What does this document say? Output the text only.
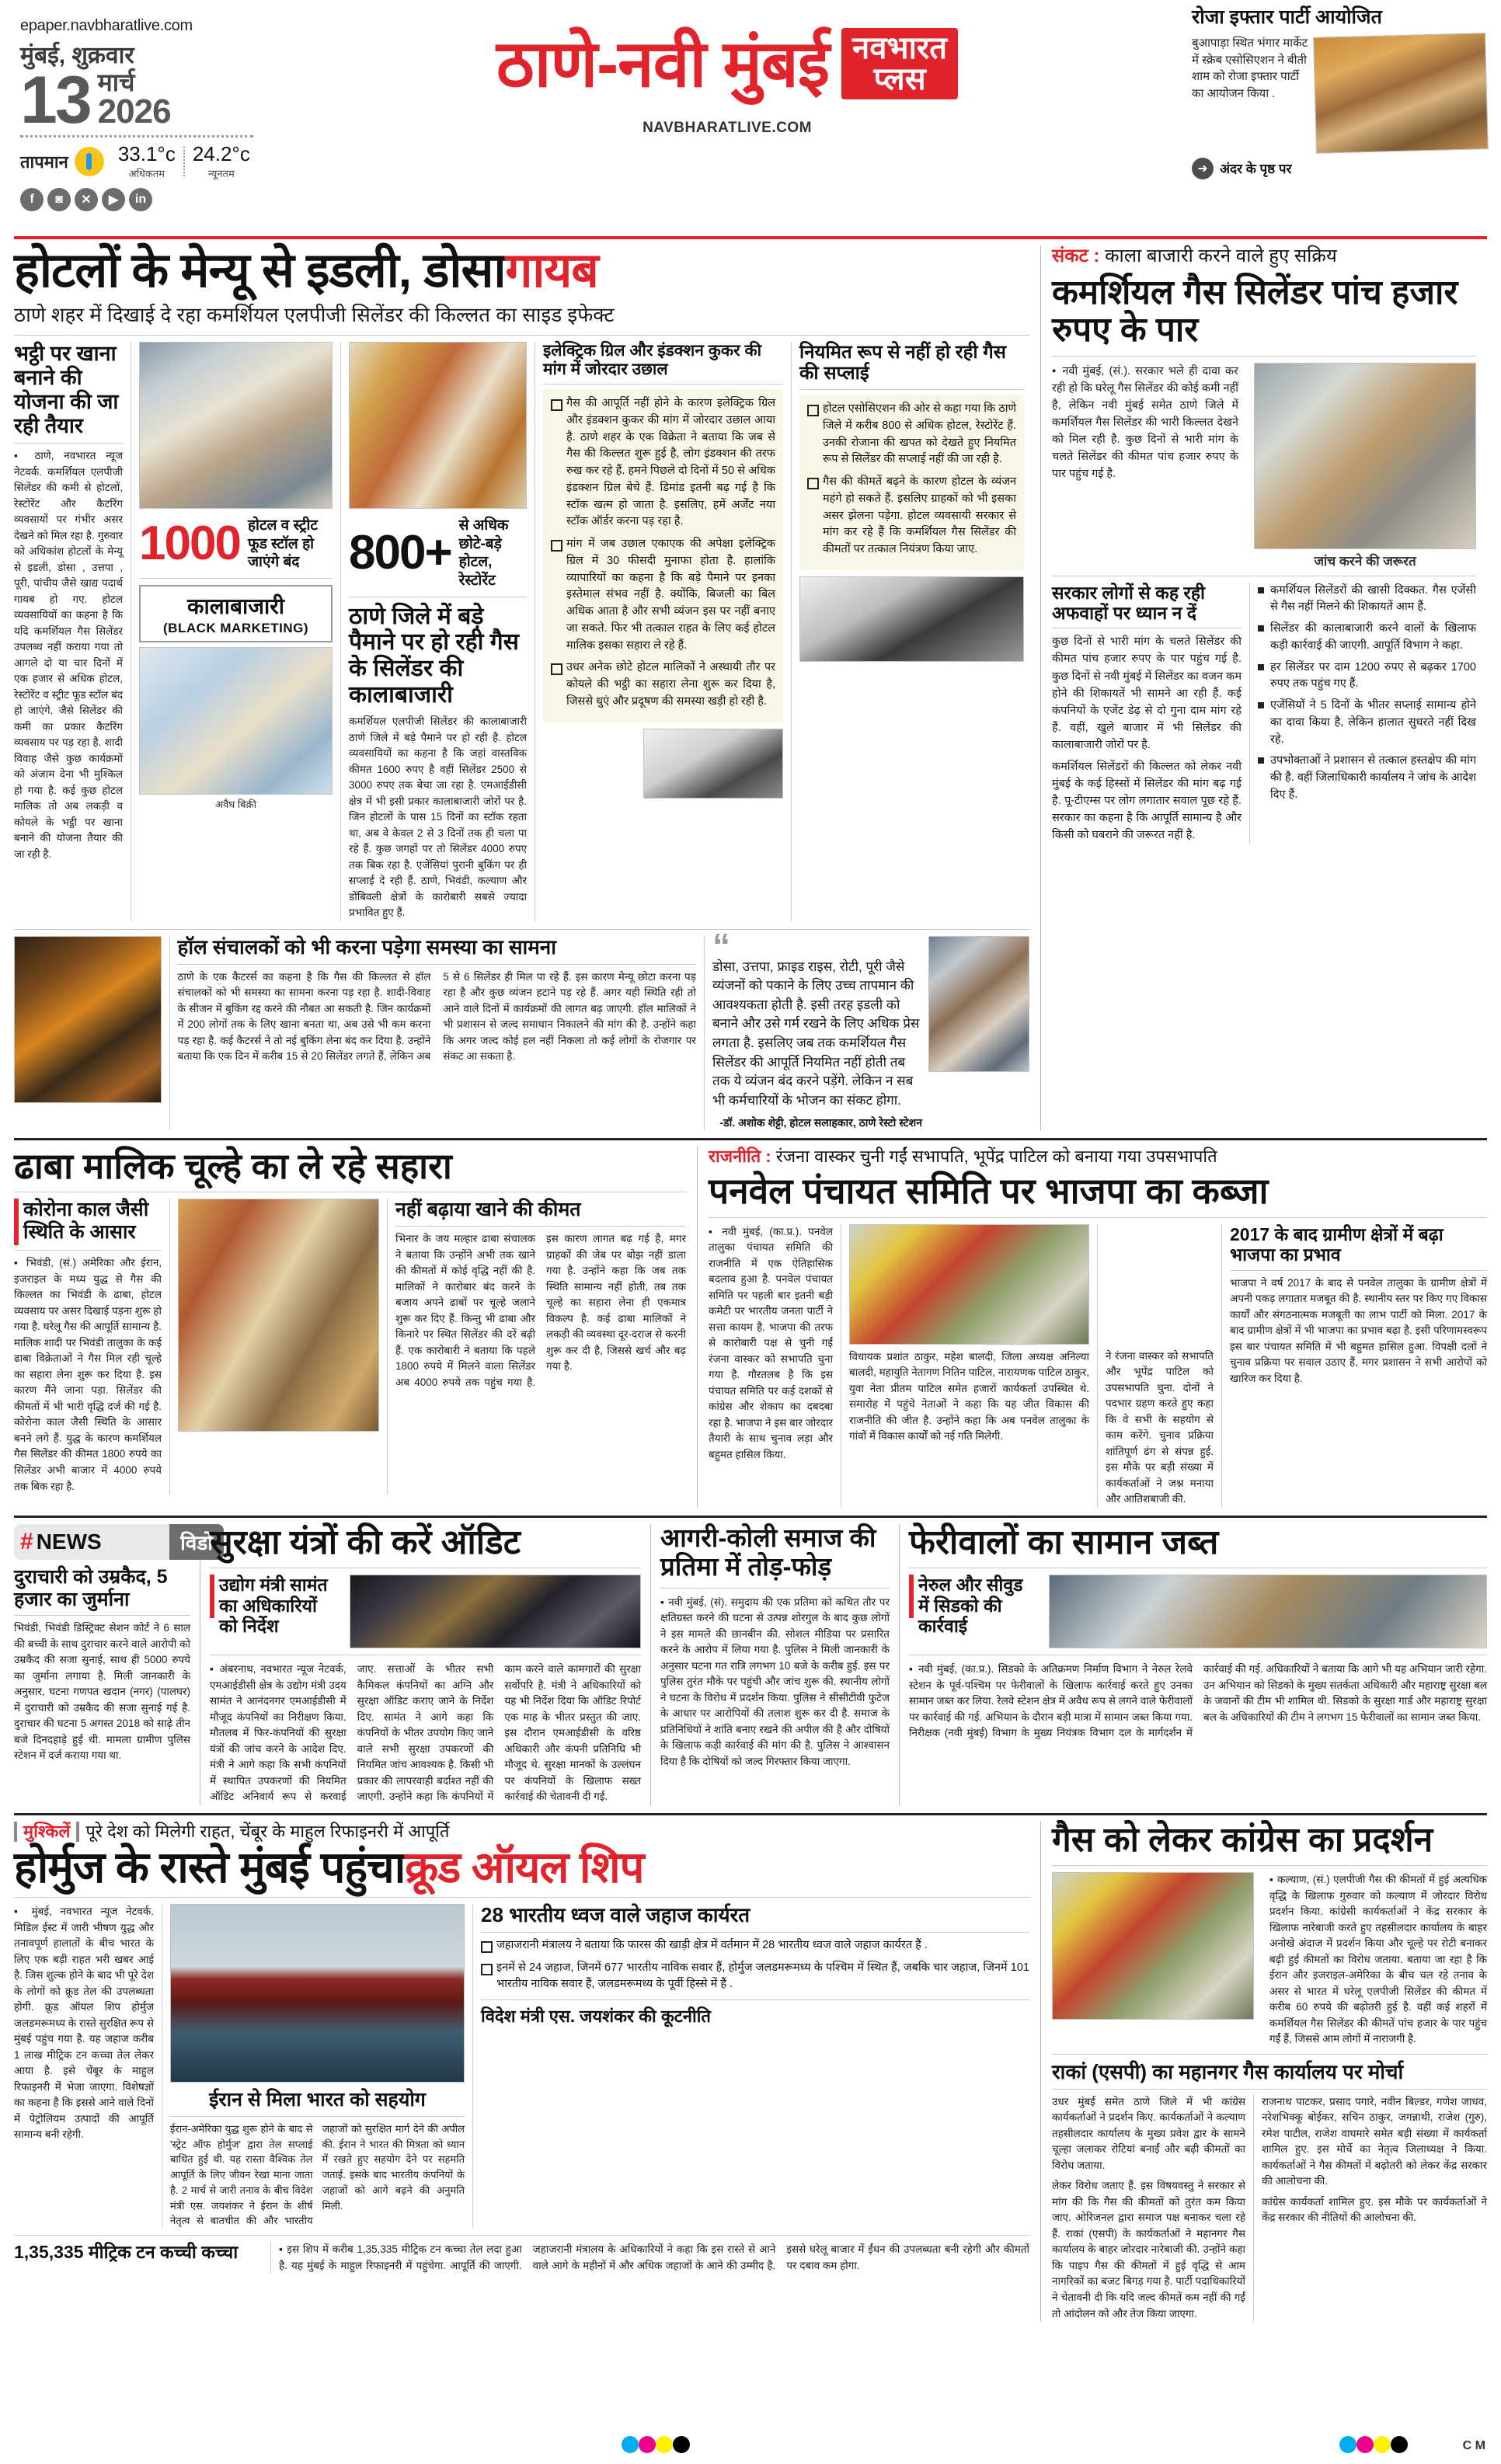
epaper.navbharatlive.com
मुंबई, शुक्रवार
13 मार्च
2026
तापमान 33.1°c
अधिकतम
24.2°c
न्यूनतम
f	◙	✕	▶	in
ठाणे-नवी मुंबई नवभारत
प्लस
NAVBHARATLIVE.COM
रोजा इफ्तार पार्टी आयोजित
बुआपाड़ा स्थित भंगार मार्केट में स्क्रेब एसोसिएशन ने बीती शाम को रोजा इफ्तार पार्टी का आयोजन किया .
➜ अंदर के पृष्ठ पर
होटलों के मेन्यू से इडली, डोसा गायब
ठाणे शहर में दिखाई दे रहा कमर्शियल एलपीजी सिलेंडर की किल्लत का साइड इफेक्ट
भट्ठी पर खाना बनाने की योजना की जा रही तैयार
▪ ठाणे, नवभारत न्यूज नेटवर्क. कमर्शियल एलपीजी सिलेंडर की कमी से होटलों, रेस्टोरेंट और कैटरिंग व्यवसायों पर गंभीर असर देखने को मिल रहा है. गुरुवार को अधिकांश होटलों के मेन्यू से इडली, डोसा , उत्तपा , पूरी, पांचीय जैसे खाद्य पदार्थ गायब हो गए. होटल व्यवसायियों का कहना है कि यदि कमर्शियल गैस सिलेंडर उपलब्ध नहीं कराया गया तो आगले दो या चार दिनों में एक हजार से अधिक होटल, रेस्टोरेंट व स्ट्रीट फूड स्टॉल बंद हो जाएंगे. जैसे सिलेंडर की कमी का प्रकार कैटरिंग व्यवसाय पर पड़ रहा है. शादी विवाह जैसे कुछ कार्यक्रमों को अंजाम देना भी मुश्किल हो गया है. कई कुछ होटल मालिक तो अब लकड़ी व कोयले के भट्ठी पर खाना बनाने की योजना तैयार की जा रही है.
1000 होटल व स्ट्रीट फूड स्टॉल हो जाएंगे बंद
कालाबाजारी
(BLACK MARKETING)
अवैध बिक्री
800+
से अधिक छोटे-बड़े होटल, रेस्टोरेंट
ठाणे जिले में बड़े पैमाने पर हो रही गैस के सिलेंडर की कालाबाजारी
कमर्शियल एलपीजी सिलेंडर की कालाबाजारी ठाणे जिले में बड़े पैमाने पर हो रही है. होटल व्यवसायियों का कहना है कि जहां वास्तविक कीमत 1600 रुपए है वहीं सिलेंडर 2500 से 3000 रुपए तक बेचा जा रहा है. एमआईडीसी क्षेत्र में भी इसी प्रकार कालाबाजारी जोरों पर है. जिन होटलों के पास 15 दिनों का स्टॉक रहता था, अब वे केवल 2 से 3 दिनों तक ही चला पा रहे हैं. कुछ जगहों पर तो सिलेंडर 4000 रुपए तक बिक रहा है. एजेंसियां पुरानी बुकिंग पर ही सप्लाई दे रही हैं. ठाणे, भिवंडी, कल्याण और डोंबिवली क्षेत्रों के कारोबारी सबसे ज्यादा प्रभावित हुए हैं.
इलेक्ट्रिक ग्रिल और इंडक्शन कुकर की मांग में जोरदार उछाल
गैस की आपूर्ति नहीं होने के कारण इलेक्ट्रिक ग्रिल और इंडक्शन कुकर की मांग में जोरदार उछाल आया है. ठाणे शहर के एक विक्रेता ने बताया कि जब से गैस की किल्लत शुरू हुई है, लोग इंडक्शन की तरफ रुख कर रहे हैं. हमने पिछले दो दिनों में 50 से अधिक इंडक्शन ग्रिल बेचे हैं. डिमांड इतनी बढ़ गई है कि स्टॉक खत्म हो जाता है. इसलिए, हमें अर्जेंट नया स्टॉक ऑर्डर करना पड़ रहा है.
मांग में जब उछाल एकाएक की अपेक्षा इलेक्ट्रिक ग्रिल में 30 फीसदी मुनाफा होता है. हालांकि व्यापारियों का कहना है कि बड़े पैमाने पर इनका इस्तेमाल संभव नहीं है. क्योंकि, बिजली का बिल अधिक आता है और सभी व्यंजन इस पर नहीं बनाए जा सकते. फिर भी तत्काल राहत के लिए कई होटल मालिक इसका सहारा ले रहे हैं.
उधर अनेक छोटे होटल मालिकों ने अस्थायी तौर पर कोयले की भट्ठी का सहारा लेना शुरू कर दिया है, जिससे धुएं और प्रदूषण की समस्या खड़ी हो रही है.
नियमित रूप से नहीं हो रही गैस की सप्लाई
होटल एसोसिएशन की ओर से कहा गया कि ठाणे जिले में करीब 800 से अधिक होटल, रेस्टोरेंट हैं. उनकी रोजाना की खपत को देखते हुए नियमित रूप से सिलेंडर की सप्लाई नहीं की जा रही है.
गैस की कीमतें बढ़ने के कारण होटल के व्यंजन महंगे हो सकते हैं. इसलिए ग्राहकों को भी इसका असर झेलना पड़ेगा. होटल व्यवसायी सरकार से मांग कर रहे हैं कि कमर्शियल गैस सिलेंडर की कीमतों पर तत्काल नियंत्रण किया जाए.
हॉल संचालकों को भी करना पड़ेगा समस्या का सामना
ठाणे के एक कैटरर्स का कहना है कि गैस की किल्लत से हॉल संचालकों को भी समस्या का सामना करना पड़ रहा है. शादी-विवाह के सीजन में बुकिंग रद्द करने की नौबत आ सकती है. जिन कार्यक्रमों में 200 लोगों तक के लिए खाना बनता था, अब उसे भी कम करना पड़ रहा है. कई कैटरर्स ने तो नई बुकिंग लेना बंद कर दिया है. उन्होंने बताया कि एक दिन में करीब 15 से 20 सिलेंडर लगते हैं, लेकिन अब 5 से 6 सिलेंडर ही मिल पा रहे हैं. इस कारण मेन्यू छोटा करना पड़ रहा है और कुछ व्यंजन हटाने पड़ रहे हैं. अगर यही स्थिति रही तो आने वाले दिनों में कार्यक्रमों की लागत बढ़ जाएगी. हॉल मालिकों ने भी प्रशासन से जल्द समाधान निकालने की मांग की है. उन्होंने कहा कि अगर जल्द कोई हल नहीं निकला तो कई लोगों के रोजगार पर संकट आ सकता है.
“
डोसा, उत्तपा, फ्राइड राइस, रोटी, पूरी जैसे व्यंजनों को पकाने के लिए उच्च तापमान की आवश्यकता होती है. इसी तरह इडली को बनाने और उसे गर्म रखने के लिए अधिक प्रेस लगता है. इसलिए जब तक कमर्शियल गैस सिलेंडर की आपूर्ति नियमित नहीं होती तब तक ये व्यंजन बंद करने पड़ेंगे. लेकिन न सब भी कर्मचारियों के भोजन का संकट होगा.
-डॉ. अशोक शेट्टी, होटल सलाहकार, ठाणे रेस्टो स्टेशन
संकट : काला बाजारी करने वाले हुए सक्रिय
कमर्शियल गैस सिलेंडर पांच हजार रुपए के पार
▪ नवी मुंबई, (सं.). सरकार भले ही दावा कर रही हो कि घरेलू गैस सिलेंडर की कोई कमी नहीं है, लेकिन नवी मुंबई समेत ठाणे जिले में कमर्शियल गैस सिलेंडर की भारी किल्लत देखने को मिल रही है. कुछ दिनों से भारी मांग के चलते सिलेंडर की कीमत पांच हजार रुपए के पार पहुंच गई है.
जांच करने की जरूरत
सरकार लोगों से कह रही अफवाहों पर ध्यान न दें
कुछ दिनों से भारी मांग के चलते सिलेंडर की कीमत पांच हजार रुपए के पार पहुंच गई है. कुछ दिनों से नवी मुंबई में सिलेंडर का वजन कम होने की शिकायतें भी सामने आ रही हैं. कई कंपनियों के एजेंट डेढ़ से दो गुना दाम मांग रहे हैं. वहीं, खुले बाजार में भी सिलेंडर की कालाबाजारी जोरों पर है.
कमर्शियल सिलेंडरों की किल्लत को लेकर नवी मुंबई के कई हिस्सों में सिलेंडर की मांग बढ़ गई है. पू-टीएम्स पर लोग लगातार सवाल पूछ रहे हैं. सरकार का कहना है कि आपूर्ति सामान्य है और किसी को घबराने की जरूरत नहीं है.
कमर्शियल सिलेंडरों की खासी दिक्कत. गैस एजेंसी से गैस नहीं मिलने की शिकायतें आम हैं.
सिलेंडर की कालाबाजारी करने वालों के खिलाफ कड़ी कार्रवाई की जाएगी. आपूर्ति विभाग ने कहा.
हर सिलेंडर पर दाम 1200 रुपए से बढ़कर 1700 रुपए तक पहुंच गए हैं.
एजेंसियों ने 5 दिनों के भीतर सप्लाई सामान्य होने का दावा किया है, लेकिन हालात सुधरते नहीं दिख रहे.
उपभोक्ताओं ने प्रशासन से तत्काल हस्तक्षेप की मांग की है. वहीं जिलाधिकारी कार्यालय ने जांच के आदेश दिए हैं.
ढाबा मालिक चूल्हे का ले रहे सहारा
कोरोना काल जैसी स्थिति के आसार
▪ भिवंडी, (सं.) अमेरिका और ईरान, इजराइल के मध्य युद्ध से गैस की किल्लत का भिवंडी के ढाबा, होटल व्यवसाय पर असर दिखाई पड़ना शुरू हो गया है. घरेलू गैस की आपूर्ति सामान्य है. मालिक शादी पर भिवंडी तालुका के कई ढाबा विक्रेताओं ने गैस मिल रही चूल्हे का सहारा लेना शुरू कर दिया है. इस कारण मैंने जाना पड़ा. सिलेंडर की कीमतों में भी भारी वृद्धि दर्ज की गई है. कोरोना काल जैसी स्थिति के आसार बनने लगे हैं. युद्ध के कारण कमर्शियल गैस सिलेंडर की कीमत 1800 रुपये का सिलेंडर अभी बाजार में 4000 रुपये तक बिक रहा है.
नहीं बढ़ाया खाने की कीमत
भिनार के जय मल्हार ढाबा संचालक ने बताया कि उन्होंने अभी तक खाने की कीमतों में कोई वृद्धि नहीं की है. मालिकों ने कारोबार बंद करने के बजाय अपने ढाबों पर चूल्हे जलाने शुरू कर दिए हैं. किन्तु भी ढाबा और किनारे पर स्थित सिलेंडर की दरें बढ़ी हैं. एक कारोबारी ने बताया कि पहले 1800 रुपये में मिलने वाला सिलेंडर अब 4000 रुपये तक पहुंच गया है. इस कारण लागत बढ़ गई है, मगर ग्राहकों की जेब पर बोझ नहीं डाला गया है. उन्होंने कहा कि जब तक स्थिति सामान्य नहीं होती, तब तक चूल्हे का सहारा लेना ही एकमात्र विकल्प है. कई ढाबा मालिकों ने लकड़ी की व्यवस्था दूर-दराज से करनी शुरू कर दी है, जिससे खर्च और बढ़ गया है.
राजनीति : रंजना वास्कर चुनी गईं सभापति, भूपेंद्र पाटिल को बनाया गया उपसभापति
पनवेल पंचायत समिति पर भाजपा का कब्जा
▪ नवी मुंबई, (का.प्र.). पनवेल तालुका पंचायत समिति की राजनीति में एक ऐतिहासिक बदलाव हुआ है. पनवेल पंचायत समिति पर पहली बार इतनी बड़ी कमेटी पर भारतीय जनता पार्टी ने सत्ता कायम है. भाजपा की तरफ से कारोबारी पक्ष से चुनी गईं रंजना वास्कर को सभापति चुना गया है. गौरतलब है कि इस पंचायत समिति पर कई दशकों से कांग्रेस और शेकाप का दबदबा रहा है. भाजपा ने इस बार जोरदार तैयारी के साथ चुनाव लड़ा और बहुमत हासिल किया.
विधायक प्रशांत ठाकुर, महेश बालदी, जिला अध्यक्ष अनिल्या बालदी, महायुति नेतागण नितिन पाटिल, नारायणक पाटिल ठाकुर, युवा नेता प्रीतम पाटिल समेत हजारों कार्यकर्ता उपस्थित थे. समारोह में पहुंचे नेताओं ने कहा कि यह जीत विकास की राजनीति की जीत है. उन्होंने कहा कि अब पनवेल तालुका के गांवों में विकास कार्यों को नई गति मिलेगी.
ने रंजना वास्कर को सभापति और भूपेंद्र पाटिल को उपसभापति चुना. दोनों ने पदभार ग्रहण करते हुए कहा कि वे सभी के सहयोग से काम करेंगे. चुनाव प्रक्रिया शांतिपूर्ण ढंग से संपन्न हुई. इस मौके पर बड़ी संख्या में कार्यकर्ताओं ने जश्न मनाया और आतिशबाजी की.
2017 के बाद ग्रामीण क्षेत्रों में बढ़ा भाजपा का प्रभाव
भाजपा ने वर्ष 2017 के बाद से पनवेल तालुका के ग्रामीण क्षेत्रों में अपनी पकड़ लगातार मजबूत की है. स्थानीय स्तर पर किए गए विकास कार्यों और संगठनात्मक मजबूती का लाभ पार्टी को मिला. 2017 के बाद ग्रामीण क्षेत्रों में भी भाजपा का प्रभाव बढ़ा है. इसी परिणामस्वरूप इस बार पंचायत समिति में भी बहुमत हासिल हुआ. विपक्षी दलों ने चुनाव प्रक्रिया पर सवाल उठाए हैं, मगर प्रशासन ने सभी आरोपों को खारिज कर दिया है.
# NEWS	विडो
दुराचारी को उम्रकैद, 5 हजार का जुर्माना
भिवंडी, भिवंडी डिस्ट्रिक्ट सेशन कोर्ट ने 6 साल की बच्ची के साथ दुराचार करने वाले आरोपी को उम्रकैद की सजा सुनाई, साथ ही 5000 रुपये का जुर्माना लगाया है. मिली जानकारी के अनुसार, घटना गणपत खदान (नगर) (पालघर) में दुराचारी को उम्रकैद की सजा सुनाई गई है. दुराचार की घटना 5 अगस्त 2018 को साढ़े तीन बजे दिनदहाड़े हुई थी. मामला ग्रामीण पुलिस स्टेशन में दर्ज कराया गया था.
सुरक्षा यंत्रों की करें ऑडिट
उद्योग मंत्री सामंत का अधिकारियों को निर्देश
▪ अंबरनाथ, नवभारत न्यूज नेटवर्क, एमआईडीसी क्षेत्र के उद्योग मंत्री उदय सामंत ने आनंदनगर एमआईडीसी में मौजूद कंपनियों का निरीक्षण किया. मौतलब में फिर-कंपनियों की सुरक्षा यंत्रों की जांच करने के आदेश दिए. मंत्री ने आगे कहा कि सभी कंपनियों में स्थापित उपकरणों की नियमित ऑडिट अनिवार्य रूप से करवाई जाए. सत्ताओं के भीतर सभी कैमिकल कंपनियों का अग्नि और सुरक्षा ऑडिट कराए जाने के निर्देश दिए. सामंत ने आगे कहा कि कंपनियों के भीतर उपयोग किए जाने वाले सभी सुरक्षा उपकरणों की नियमित जांच आवश्यक है. किसी भी प्रकार की लापरवाही बर्दाश्त नहीं की जाएगी. उन्होंने कहा कि कंपनियों में काम करने वाले कामगारों की सुरक्षा सर्वोपरि है. मंत्री ने अधिकारियों को यह भी निर्देश दिया कि ऑडिट रिपोर्ट एक माह के भीतर प्रस्तुत की जाए. इस दौरान एमआईडीसी के वरिष्ठ अधिकारी और कंपनी प्रतिनिधि भी मौजूद थे. सुरक्षा मानकों के उल्लंघन पर कंपनियों के खिलाफ सख्त कार्रवाई की चेतावनी दी गई.
आगरी-कोली समाज की प्रतिमा में तोड़-फोड़
▪ नवी मुंबई, (सं). समुदाय की एक प्रतिमा को कथित तौर पर क्षतिग्रस्त करने की घटना से उत्पन्न शोरगुल के बाद कुछ लोगों ने इस मामले की छानबीन की. सोशल मीडिया पर प्रसारित करने के आरोप में लिया गया है. पुलिस ने मिली जानकारी के अनुसार घटना गत रात्रि लगभग 10 बजे के करीब हुई. इस पर पुलिस तुरंत मौके पर पहुंची और जांच शुरू की. स्थानीय लोगों ने घटना के विरोध में प्रदर्शन किया. पुलिस ने सीसीटीवी फुटेज के आधार पर आरोपियों की तलाश शुरू कर दी है. समाज के प्रतिनिधियों ने शांति बनाए रखने की अपील की है और दोषियों के खिलाफ कड़ी कार्रवाई की मांग की है. पुलिस ने आश्वासन दिया है कि दोषियों को जल्द गिरफ्तार किया जाएगा.
फेरीवालों का सामान जब्त
नेरुल और सीवुड में सिडको की कार्रवाई
▪ नवी मुंबई, (का.प्र.). सिडको के अतिक्रमण निर्माण विभाग ने नेरुल रेलवे स्टेशन के पूर्व-पश्चिम पर फेरीवालों के खिलाफ कार्रवाई करते हुए उनका सामान जब्त कर लिया. रेलवे स्टेशन क्षेत्र में अवैध रूप से लगने वाले फेरीवालों पर कार्रवाई की गई. अभियान के दौरान बड़ी मात्रा में सामान जब्त किया गया. निरीक्षक (नवी मुंबई) विभाग के मुख्य नियंत्रक विभाग दल के मार्गदर्शन में कार्रवाई की गई. अधिकारियों ने बताया कि आगे भी यह अभियान जारी रहेगा. उन अभियान को सिडको के मुख्य सतर्कता अधिकारी और महाराष्ट्र सुरक्षा बल के जवानों की टीम भी शामिल थी. सिडको के सुरक्षा गार्ड और महाराष्ट्र सुरक्षा बल के अधिकारियों की टीम ने लगभग 15 फेरीवालों का सामान जब्त किया.
मुश्किलें पूरे देश को मिलेगी राहत, चेंबूर के माहुल रिफाइनरी में आपूर्ति
होर्मुज के रास्ते मुंबई पहुंचा क्रूड ऑयल शिप
▪ मुंबई, नवभारत न्यूज नेटवर्क. मिडिल ईस्ट में जारी भीषण युद्ध और तनावपूर्ण हालातों के बीच भारत के लिए एक बड़ी राहत भरी खबर आई है. जिस शुल्क होने के बाद भी पूरे देश के लोगों को क्रूड तेल की उपलब्धता होगी. क्रूड ऑयल शिप होर्मुज जलडमरूमध्य के रास्ते सुरक्षित रूप से मुंबई पहुंच गया है. यह जहाज करीब 1 लाख मीट्रिक टन कच्चा तेल लेकर आया है. इसे चेंबूर के माहुल रिफाइनरी में भेजा जाएगा. विशेषज्ञों का कहना है कि इससे आने वाले दिनों में पेट्रोलियम उत्पादों की आपूर्ति सामान्य बनी रहेगी.
ईरान से मिला भारत को सहयोग
ईरान-अमेरिका युद्ध शुरू होने के बाद से 'स्ट्रेट ऑफ होर्मुज' द्वारा तेल सप्लाई बाधित हुई थी. यह रास्ता वैश्विक तेल आपूर्ति के लिए जीवन रेखा माना जाता है. 2 मार्च से जारी तनाव के बीच विदेश मंत्री एस. जयशंकर ने ईरान के शीर्ष नेतृत्व से बातचीत की और भारतीय जहाजों को सुरक्षित मार्ग देने की अपील की. ईरान ने भारत की मित्रता को ध्यान में रखते हुए सहयोग देने पर सहमति जताई. इसके बाद भारतीय कंपनियों के जहाजों को आगे बढ़ने की अनुमति मिली.
28 भारतीय ध्वज वाले जहाज कार्यरत
जहाजरानी मंत्रालय ने बताया कि फारस की खाड़ी क्षेत्र में वर्तमान में 28 भारतीय ध्वज वाले जहाज कार्यरत हैं .
इनमें से 24 जहाज, जिनमें 677 भारतीय नाविक सवार हैं, होर्मुज जलडमरूमध्य के पश्चिम में स्थित हैं, जबकि चार जहाज, जिनमें 101 भारतीय नाविक सवार हैं, जलडमरूमध्य के पूर्वी हिस्से में हैं .
विदेश मंत्री एस. जयशंकर की कूटनीति
1,35,335 मीट्रिक टन कच्ची कच्चा	▪ इस शिप में करीब 1,35,335 मीट्रिक टन कच्चा तेल लदा हुआ है. यह मुंबई के माहुल रिफाइनरी में पहुंचेगा. आपूर्ति की जाएगी. जहाजरानी मंत्रालय के अधिकारियों ने कहा कि इस रास्ते से आने वाले आगे के महीनों में और अधिक जहाजों के आने की उम्मीद है. इससे घरेलू बाजार में ईंधन की उपलब्धता बनी रहेगी और कीमतों पर दबाव कम होगा.
गैस को लेकर कांग्रेस का प्रदर्शन
▪ कल्याण, (सं.) एलपीजी गैस की कीमतों में हुई अत्यधिक वृद्धि के खिलाफ गुरुवार को कल्याण में जोरदार विरोध प्रदर्शन किया. कांग्रेसी कार्यकर्ताओं ने केंद्र सरकार के खिलाफ नारेबाजी करते हुए तहसीलदार कार्यालय के बाहर अनोखे अंदाज में प्रदर्शन किया और चूल्हे पर रोटी बनाकर बढ़ी हुई कीमतों का विरोध जताया. बताया जा रहा है कि ईरान और इजराइल-अमेरिका के बीच चल रहे तनाव के असर से भारत में घरेलू एलपीजी सिलेंडर की कीमत में करीब 60 रुपये की बढ़ोतरी हुई है. वहीं कई शहरों में कमर्शियल गैस सिलेंडर की कीमतें पांच हजार के पार पहुंच गईं हैं, जिससे आम लोगों में नाराजगी है.
राकां (एसपी) का महानगर गैस कार्यालय पर मोर्चा
उधर मुंबई समेत ठाणे जिले में भी कांग्रेस कार्यकर्ताओं ने प्रदर्शन किए. कार्यकर्ताओं ने कल्याण तहसीलदार कार्यालय के मुख्य प्रवेश द्वार के सामने चूल्हा जलाकर रोटियां बनाईं और बढ़ी कीमतों का विरोध जताया.
लेकर विरोध जताए हैं. इस विषयवस्तु ने सरकार से मांग की कि गैस की कीमतों को तुरंत कम किया जाए. ओरिजनल द्वारा समाज पक्ष बनाकर चला रहे हैं. राकां (एसपी) के कार्यकर्ताओं ने महानगर गैस कार्यालय के बाहर जोरदार नारेबाजी की. उन्होंने कहा कि पाइप गैस की कीमतों में हुई वृद्धि से आम नागरिकों का बजट बिगड़ गया है. पार्टी पदाधिकारियों ने चेतावनी दी कि यदि जल्द कीमतें कम नहीं की गईं तो आंदोलन को और तेज किया जाएगा.
राजनाथ पाटकर, प्रसाद पगारे, नवीन बिल्डर, गणेश जाधव, नरेशभिक्कू बोईकर, सचिन ठाकुर, जगन्नाथी, राजेश (गुरु), रमेश पाटील, राजेश वाघमारे समेत बड़ी संख्या में कार्यकर्ता शामिल हुए. इस मोर्चे का नेतृत्व जिलाध्यक्ष ने किया. कार्यकर्ताओं ने गैस कीमतों में बढ़ोतरी को लेकर केंद्र सरकार की आलोचना की.
कांग्रेस कार्यकर्ता शामिल हुए. इस मौके पर कार्यकर्ताओं ने केंद्र सरकार की नीतियों की आलोचना की.
C M
